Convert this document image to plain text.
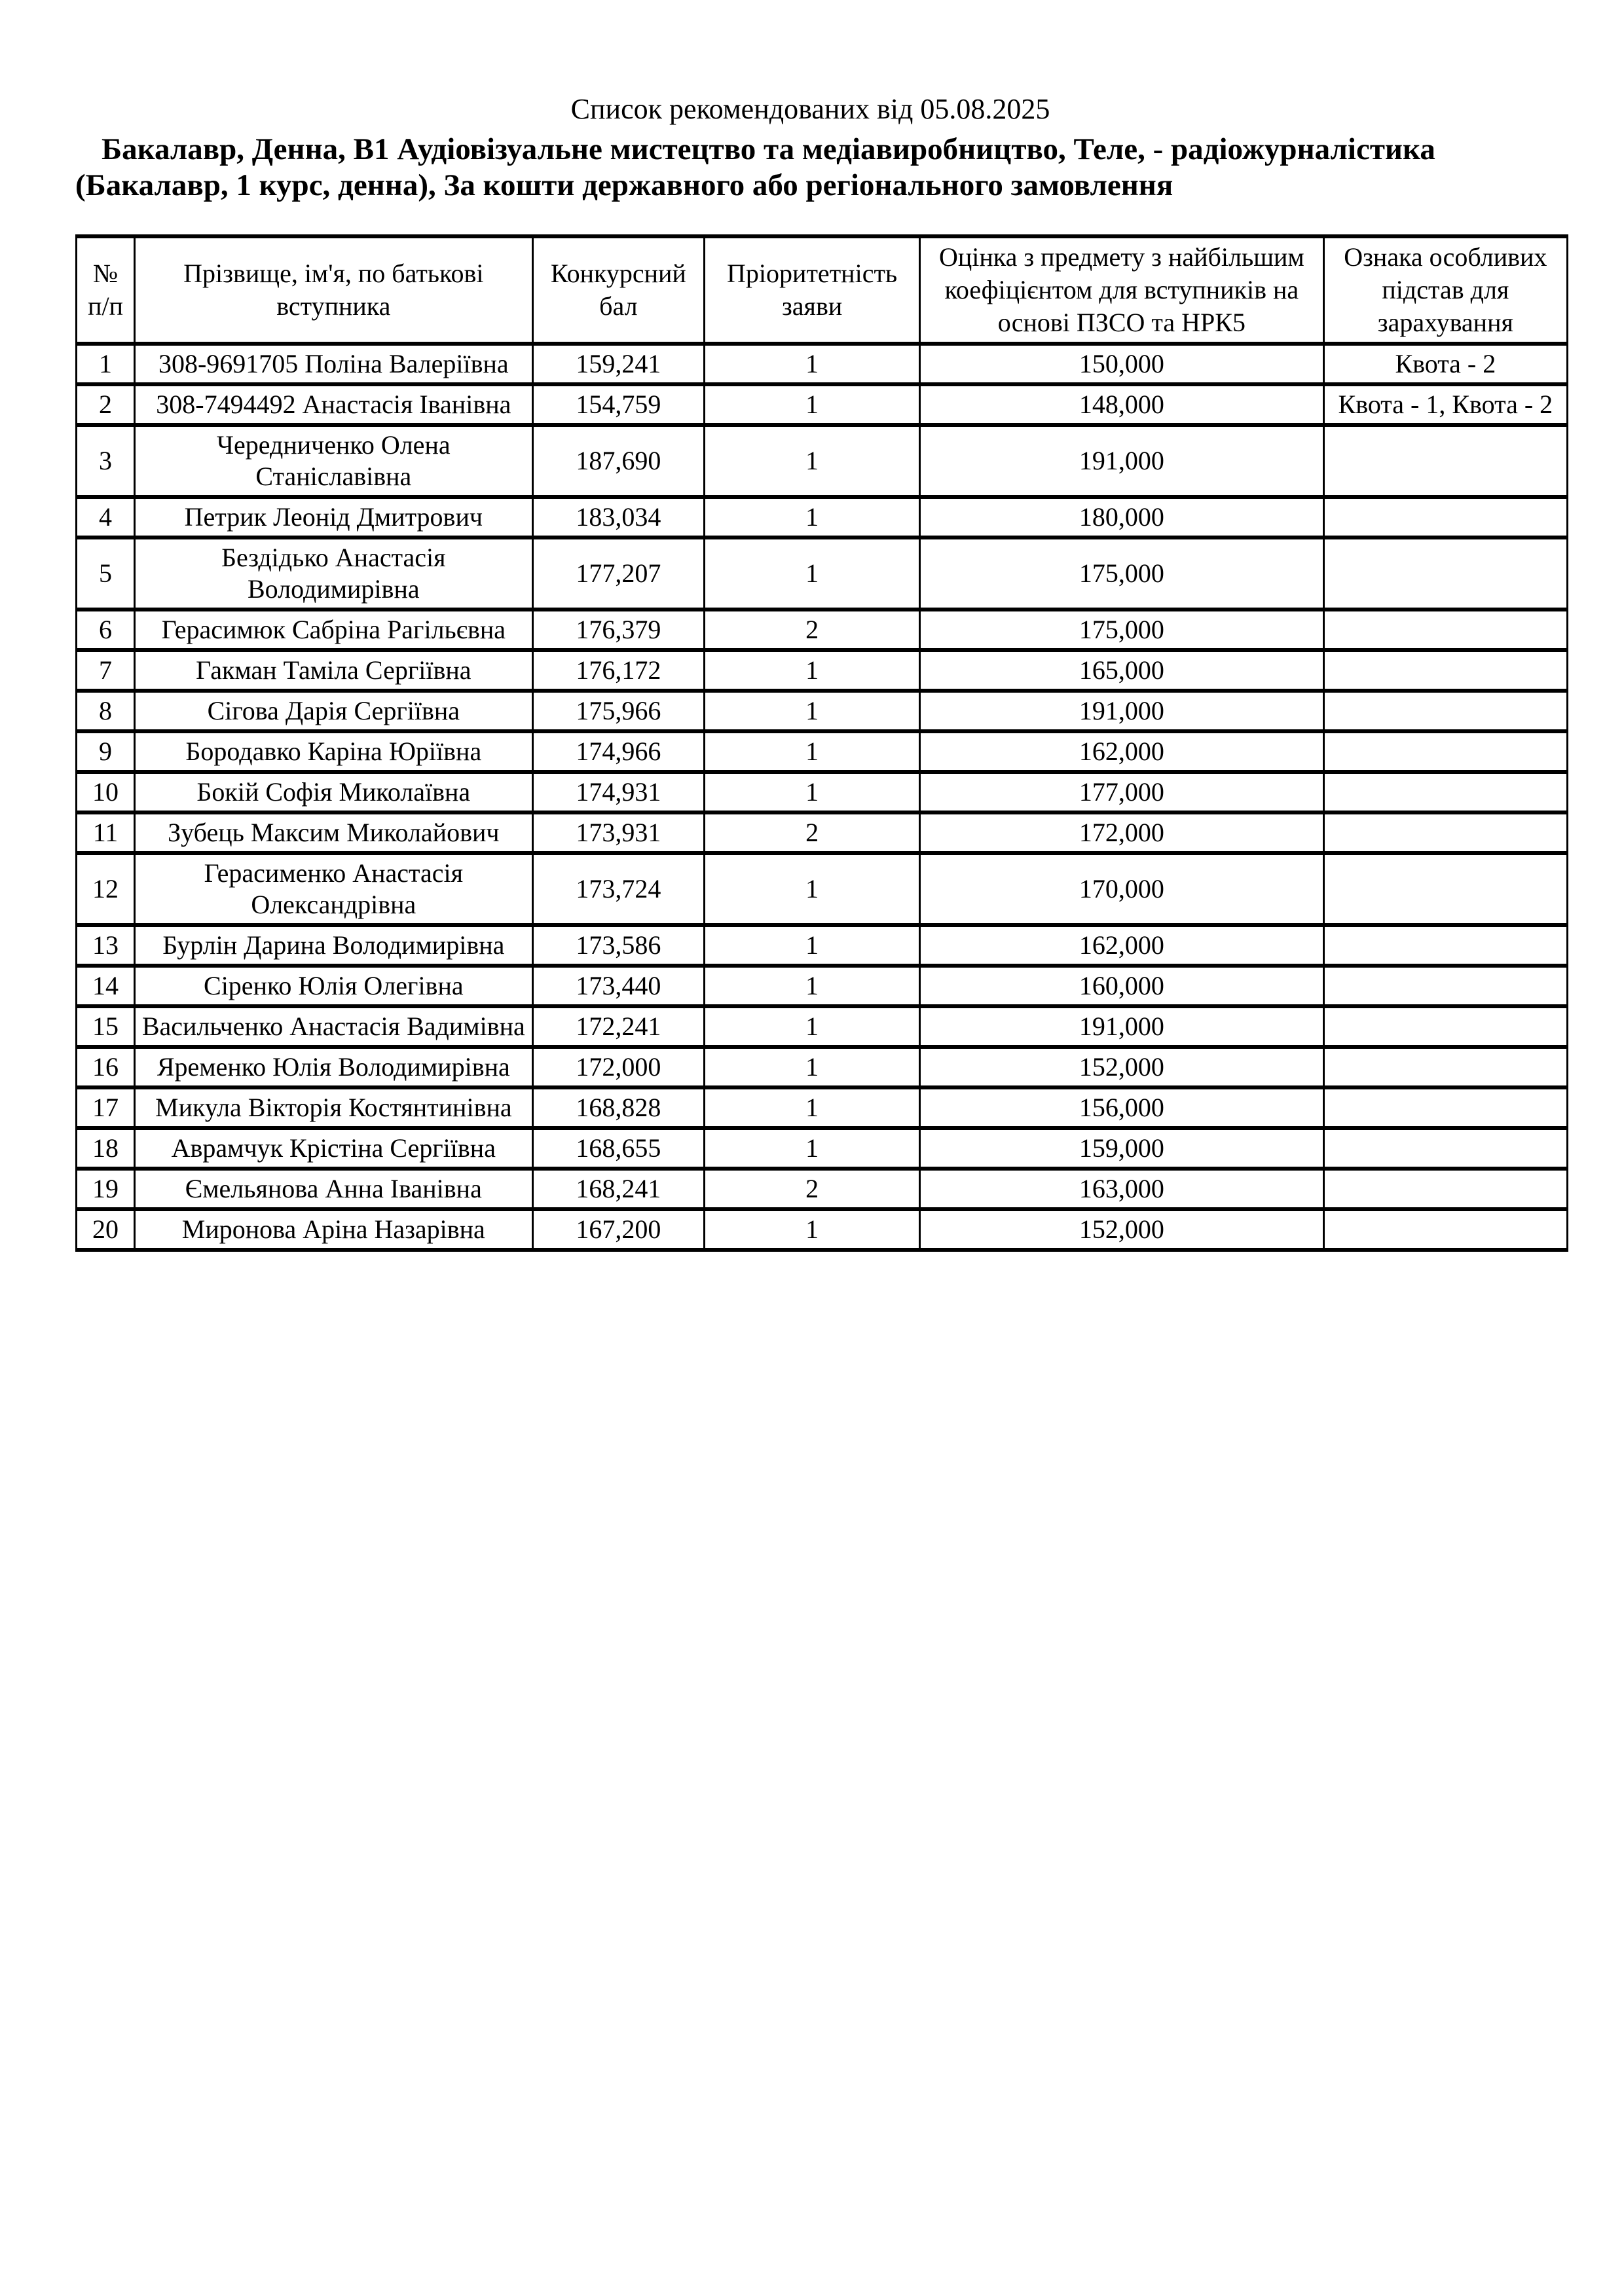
Список рекомендованих від 05.08.2025
Бакалавр, Денна, В1 Аудіовізуальне мистецтво та медіавиробництво, Теле, - радіожурналістика (Бакалавр, 1 курс, денна), За кошти державного або регіонального замовлення
№ п/п	Прізвище, ім'я, по батькові вступника	Конкурсний бал	Пріоритетність заяви	Оцінка з предмету з найбільшим коефіцієнтом для вступників на основі ПЗСО та НРК5	Ознака особливих підстав для зарахування
1	308-9691705 Поліна Валеріївна	159,241	1	150,000	Квота - 2
2	308-7494492 Анастасія Іванівна	154,759	1	148,000	Квота - 1, Квота - 2
3	Чередниченко Олена Станіславівна	187,690	1	191,000	
4	Петрик Леонід Дмитрович	183,034	1	180,000	
5	Бездідько Анастасія Володимирівна	177,207	1	175,000	
6	Герасимюк Сабріна Рагільєвна	176,379	2	175,000	
7	Гакман Таміла Сергіївна	176,172	1	165,000	
8	Сігова Дарія Сергіївна	175,966	1	191,000	
9	Бородавко Каріна Юріївна	174,966	1	162,000	
10	Бокій Софія Миколаївна	174,931	1	177,000	
11	Зубець Максим Миколайович	173,931	2	172,000	
12	Герасименко Анастасія Олександрівна	173,724	1	170,000	
13	Бурлін Дарина Володимирівна	173,586	1	162,000	
14	Сіренко Юлія Олегівна	173,440	1	160,000	
15	Васильченко Анастасія Вадимівна	172,241	1	191,000	
16	Яременко Юлія Володимирівна	172,000	1	152,000	
17	Микула Вікторія Костянтинівна	168,828	1	156,000	
18	Аврамчук Крістіна Сергіївна	168,655	1	159,000	
19	Ємельянова Анна Іванівна	168,241	2	163,000	
20	Миронова Аріна Назарівна	167,200	1	152,000	
